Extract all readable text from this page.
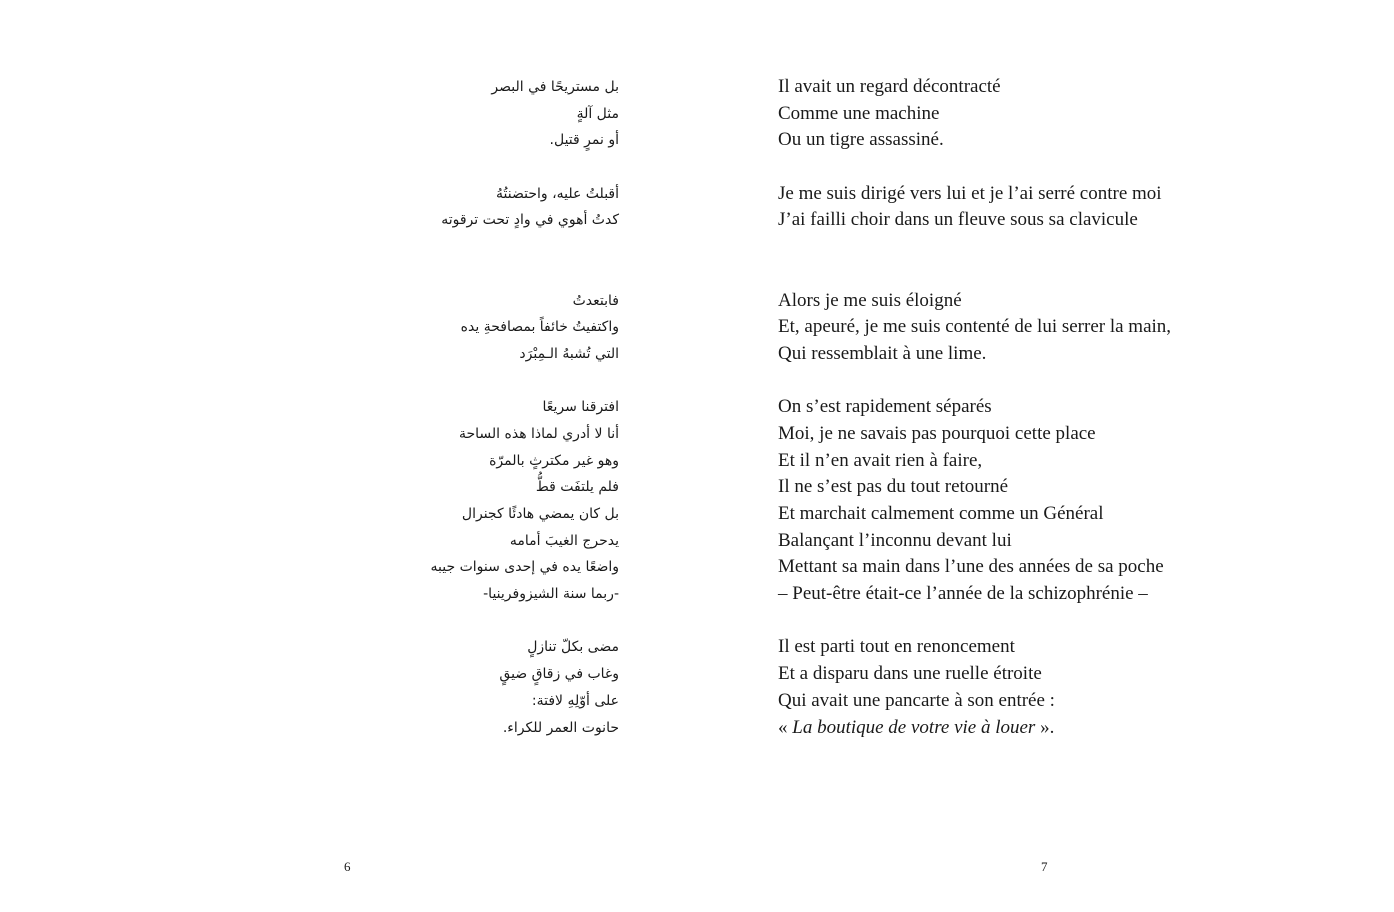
بل مستريحًا في البصر
مثل آلةٍ
أو نمرٍ قتيل.
أقبلتُ عليه، واحتضنتُهُ
كدتُ أهوي في وادٍ تحت ترقوته
فابتعدتُ
واكتفيتُ خائفاً بمصافحةِ يده
التي تُشبهُ الـمِبْرَد
افترقنا سريعًا
أنا لا أدري لماذا هذه الساحة
وهو غير مكترثٍ بالمرّة
فلم يلتفَت قطُّ
بل كان يمضي هادئًا كجنرال
يدحرج الغيبَ أمامه
واضعًا يده في إحدى سنوات جيبه
-ربما سنة الشيزوفرينيا-
مضى بكلّ تنازلٍ
وغاب في زقاقٍ ضيقٍ
على أوّلِهِ لافتة:
حانوت العمر للكراء.
6
Il avait un regard décontracté
Comme une machine
Ou un tigre assassiné.
Je me suis dirigé vers lui et je l’ai serré contre moi
J’ai failli choir dans un fleuve sous sa clavicule
Alors je me suis éloigné
Et, apeuré, je me suis contenté de lui serrer la main,
Qui ressemblait à une lime.
On s’est rapidement séparés
Moi, je ne savais pas pourquoi cette place
Et il n’en avait rien à faire,
Il ne s’est pas du tout retourné
Et marchait calmement comme un Général
Balançant l’inconnu devant lui
Mettant sa main dans l’une des années de sa poche
– Peut-être était-ce l’année de la schizophrénie –
Il est parti tout en renoncement
Et a disparu dans une ruelle étroite
Qui avait une pancarte à son entrée :
« La boutique de votre vie à louer ».
7
